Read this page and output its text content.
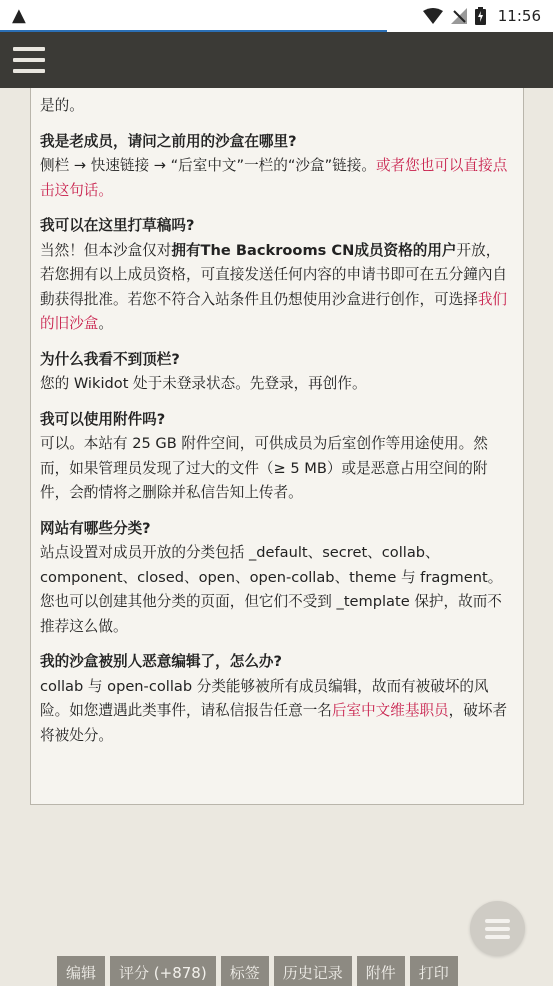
▲	11:56

是的。

我是老成员，请问之前用的沙盒在哪里?

侧栏 → 快速链接 → “后室中文”一栏的“沙盒”链接。或者您也可以直接点击这句话。

我可以在这里打草稿吗?

当然！但本沙盒仅对拥有The Backrooms CN成员资格的用户开放，若您拥有以上成员资格，可直接发送任何内容的申请书即可在五分鐘內自動获得批准。若您不符合入站条件且仍想使用沙盒进行创作，可选择我们的旧沙盒。

为什么我看不到顶栏?

您的 Wikidot 处于未登录状态。先登录，再创作。

我可以使用附件吗?

可以。本站有 25 GB 附件空间，可供成员为后室创作等用途使用。然而，如果管理员发现了过大的文件（≥ 5 MB）或是恶意占用空间的附件，会酌情将之删除并私信告知上传者。

网站有哪些分类?

站点设置对成员开放的分类包括 _default、secret、collab、component、closed、open、open-collab、theme 与 fragment。您也可以创建其他分类的页面，但它们不受到 _template 保护，故而不推荐这么做。

我的沙盒被别人恶意编辑了，怎么办?

collab 与 open-collab 分类能够被所有成员编辑，故而有被破坏的风险。如您遭遇此类事件，请私信报告任意一名后室中文维基职员，破坏者将被处分。

编辑	评分 (+878)	标签	历史记录	附件	打印
